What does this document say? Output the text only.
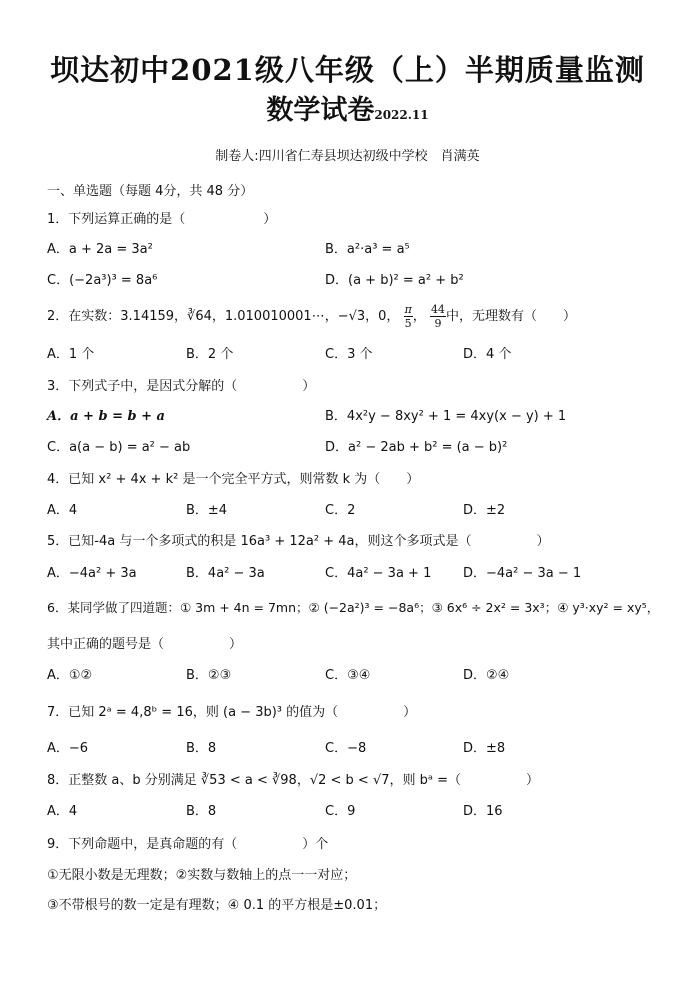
坝达初中2021级八年级（上）半期质量监测
数学试卷2022.11
制卷人:四川省仁寿县坝达初级中学校　肖满英
一、单选题（每题 4分，共 48 分）
1．下列运算正确的是（　　　　　　）
A．a + 2a = 3a²	B．a²·a³ = a⁵
C．(−2a³)³ = 8a⁶	D．(a + b)² = a² + b²
2．在实数：3.14159，∛64，1.010010001⋯，−√3，0， $\frac{\pi}{5}$ ， $\frac{44}{9}$ 中，无理数有（　　）
A．1 个	B．2 个	C．3 个	D．4 个
3．下列式子中，是因式分解的（　　　　　）
A．a + b = b + a	B．4x²y − 8xy² + 1 = 4xy(x − y) + 1
C．a(a − b) = a² − ab	D．a² − 2ab + b² = (a − b)²
4．已知 x² + 4x + k² 是一个完全平方式，则常数 k 为（　　）
A．4	B．±4	C．2	D．±2
5．已知-4a 与一个多项式的积是 16a³ + 12a² + 4a，则这个多项式是（　　　　　）
A．−4a² + 3a	B．4a² − 3a	C．4a² − 3a + 1 D．−4a² − 3a − 1
6．某同学做了四道题：① 3m + 4n = 7mn；② (−2a²)³ = −8a⁶；③ 6x⁶ ÷ 2x² = 3x³；④ y³·xy² = xy⁵，
其中正确的题号是（　　　　　）
A．①②	B．②③	C．③④	D．②④
7．已知 2ᵃ = 4,8ᵇ = 16，则 (a − 3b)³ 的值为（　　　　　）
A．−6	B．8	C．−8	D．±8
8．正整数 a、b 分别满足 ∛53 < a < ∛98，√2 < b < √7，则 bᵃ =（　　　　　）
A．4	B．8	C．9	D．16
9．下列命题中，是真命题的有（　　　　　）个
①无限小数是无理数；②实数与数轴上的点一一对应；
③不带根号的数一定是有理数；④ 0.1 的平方根是±0.01；
